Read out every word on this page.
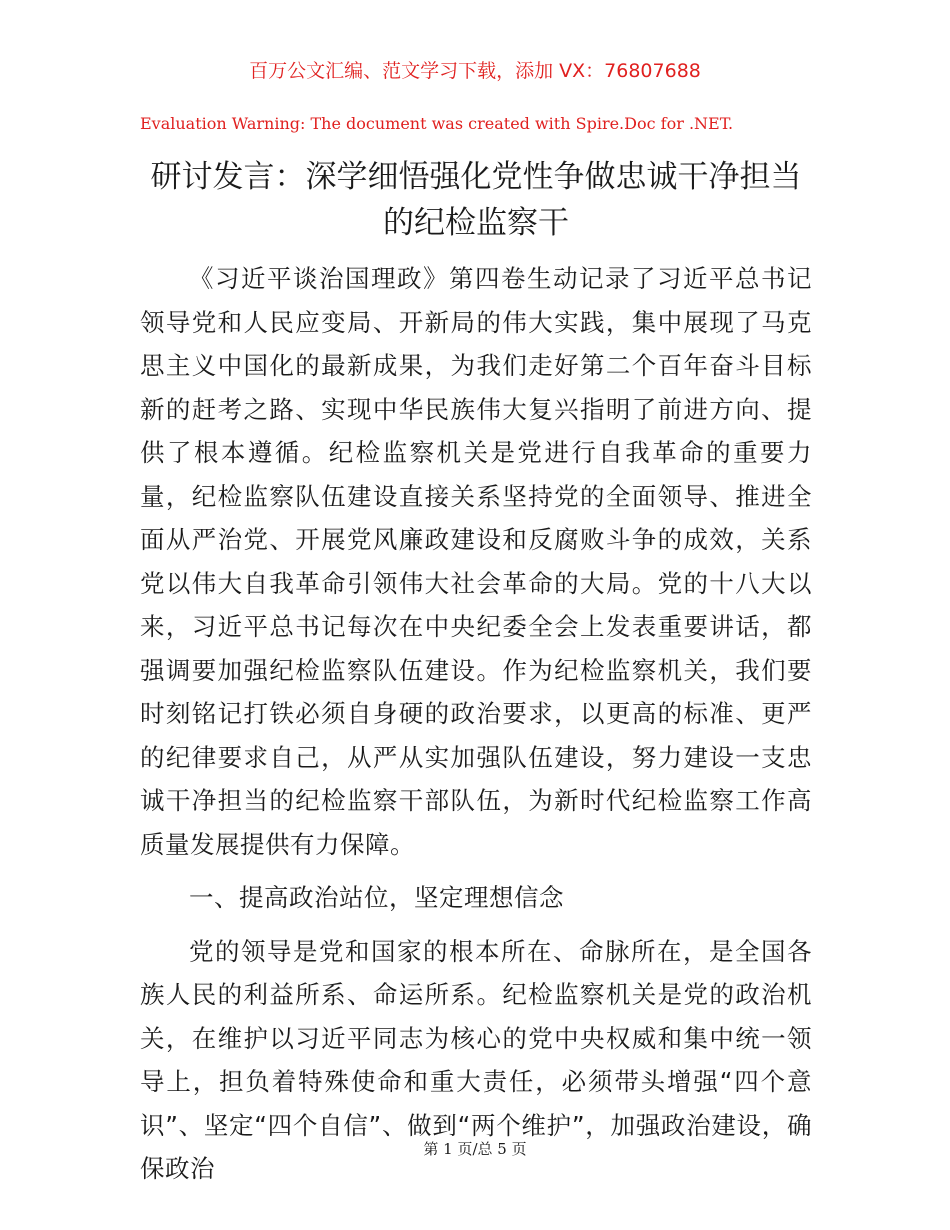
百万公文汇编、范文学习下载，添加 VX：76807688
Evaluation Warning: The document was created with Spire.Doc for .NET.
研讨发言：深学细悟强化党性争做忠诚干净担当的纪检监察干

《习近平谈治国理政》第四卷生动记录了习近平总书记领导党和人民应变局、开新局的伟大实践，集中展现了马克思主义中国化的最新成果，为我们走好第二个百年奋斗目标新的赶考之路、实现中华民族伟大复兴指明了前进方向、提供了根本遵循。纪检监察机关是党进行自我革命的重要力量，纪检监察队伍建设直接关系坚持党的全面领导、推进全面从严治党、开展党风廉政建设和反腐败斗争的成效，关系党以伟大自我革命引领伟大社会革命的大局。党的十八大以来，习近平总书记每次在中央纪委全会上发表重要讲话，都强调要加强纪检监察队伍建设。作为纪检监察机关，我们要时刻铭记打铁必须自身硬的政治要求，以更高的标准、更严的纪律要求自己，从严从实加强队伍建设，努力建设一支忠诚干净担当的纪检监察干部队伍，为新时代纪检监察工作高质量发展提供有力保障。

一、提高政治站位，坚定理想信念

党的领导是党和国家的根本所在、命脉所在，是全国各族人民的利益所系、命运所系。纪检监察机关是党的政治机关，在维护以习近平同志为核心的党中央权威和集中统一领导上，担负着特殊使命和重大责任，必须带头增强“四个意识”、坚定“四个自信”、做到“两个维护”，加强政治建设，确保政治

第 1 页/总 5 页
